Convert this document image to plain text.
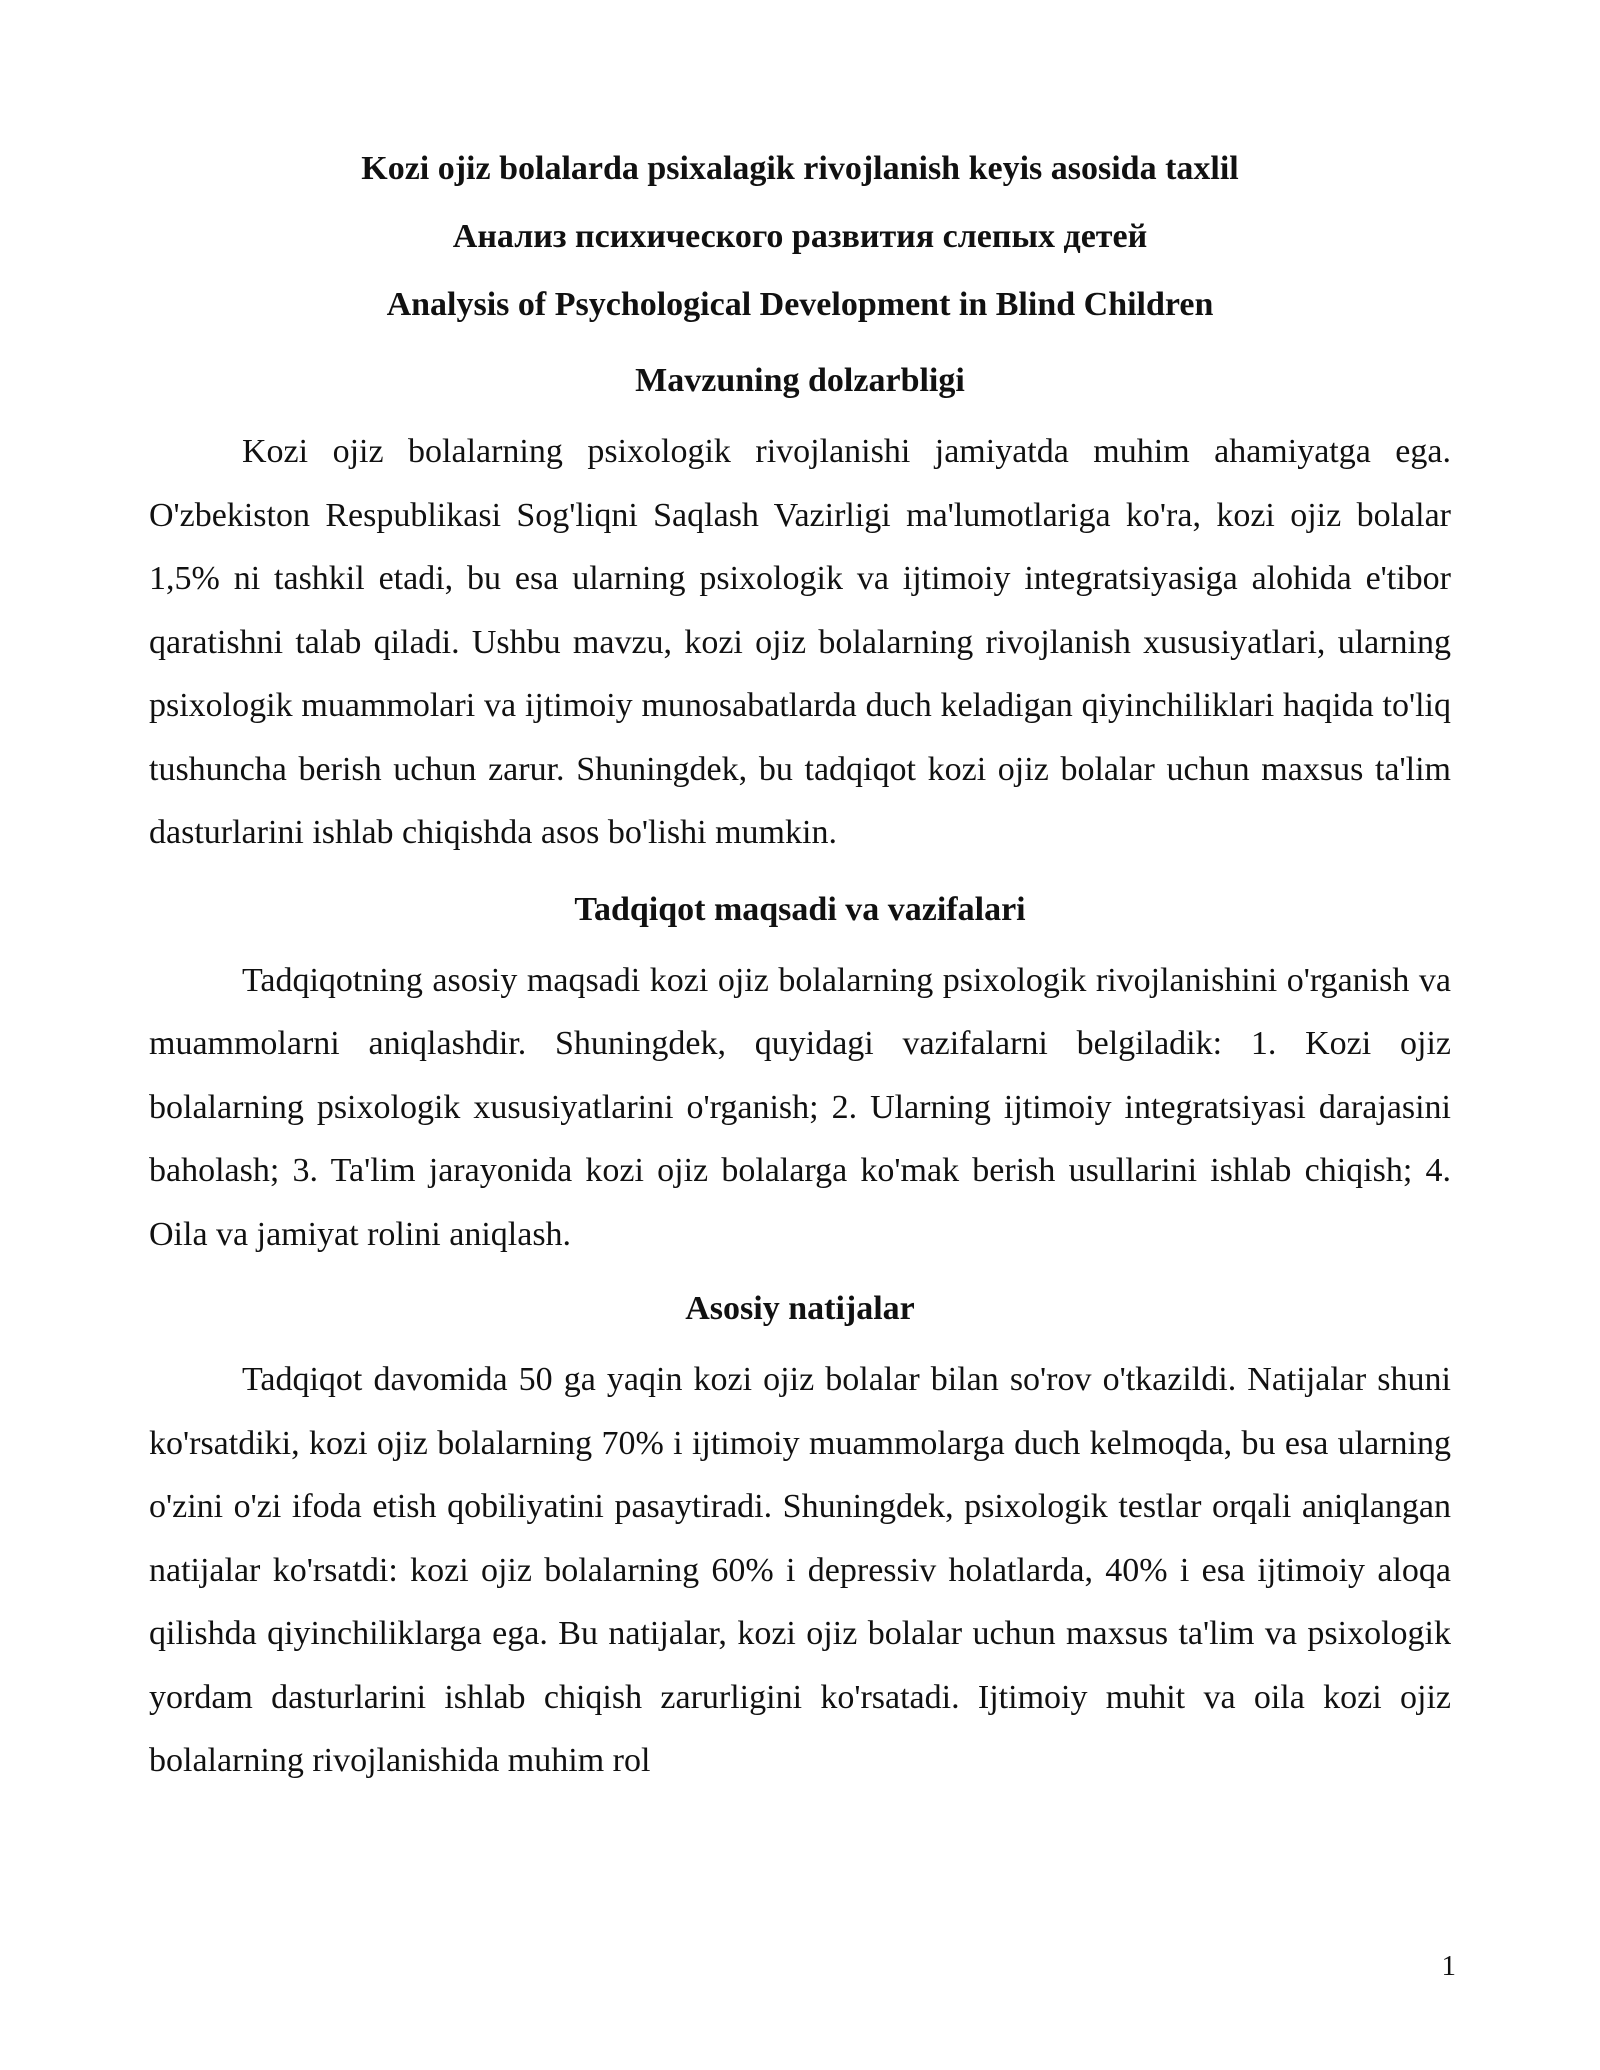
Kozi ojiz bolalarda psixalagik rivojlanish keyis asosida taxlil
Анализ психического развития слепых детей
Analysis of Psychological Development in Blind Children
Mavzuning dolzarbligi

Kozi ojiz bolalarning psixologik rivojlanishi jamiyatda muhim ahamiyatga ega. O'zbekiston Respublikasi Sog'liqni Saqlash Vazirligi ma'lumotlariga ko'ra, kozi ojiz bolalar 1,5% ni tashkil etadi, bu esa ularning psixologik va ijtimoiy integratsiyasiga alohida e'tibor qaratishni talab qiladi. Ushbu mavzu, kozi ojiz bolalarning rivojlanish xususiyatlari, ularning psixologik muammolari va ijtimoiy munosabatlarda duch keladigan qiyinchiliklari haqida to'liq tushuncha berish uchun zarur. Shuningdek, bu tadqiqot kozi ojiz bolalar uchun maxsus ta'lim dasturlarini ishlab chiqishda asos bo'lishi mumkin.

Tadqiqot maqsadi va vazifalari

Tadqiqotning asosiy maqsadi kozi ojiz bolalarning psixologik rivojlanishini o'rganish va muammolarni aniqlashdir. Shuningdek, quyidagi vazifalarni belgiladik: 1. Kozi ojiz bolalarning psixologik xususiyatlarini o'rganish; 2. Ularning ijtimoiy integratsiyasi darajasini baholash; 3. Ta'lim jarayonida kozi ojiz bolalarga ko'mak berish usullarini ishlab chiqish; 4. Oila va jamiyat rolini aniqlash.

Asosiy natijalar

Tadqiqot davomida 50 ga yaqin kozi ojiz bolalar bilan so'rov o'tkazildi. Natijalar shuni ko'rsatdiki, kozi ojiz bolalarning 70% i ijtimoiy muammolarga duch kelmoqda, bu esa ularning o'zini o'zi ifoda etish qobiliyatini pasaytiradi. Shuningdek, psixologik testlar orqali aniqlangan natijalar ko'rsatdi: kozi ojiz bolalarning 60% i depressiv holatlarda, 40% i esa ijtimoiy aloqa qilishda qiyinchiliklarga ega. Bu natijalar, kozi ojiz bolalar uchun maxsus ta'lim va psixologik yordam dasturlarini ishlab chiqish zarurligini ko'rsatadi. Ijtimoiy muhit va oila kozi ojiz bolalarning rivojlanishida muhim rol

1
